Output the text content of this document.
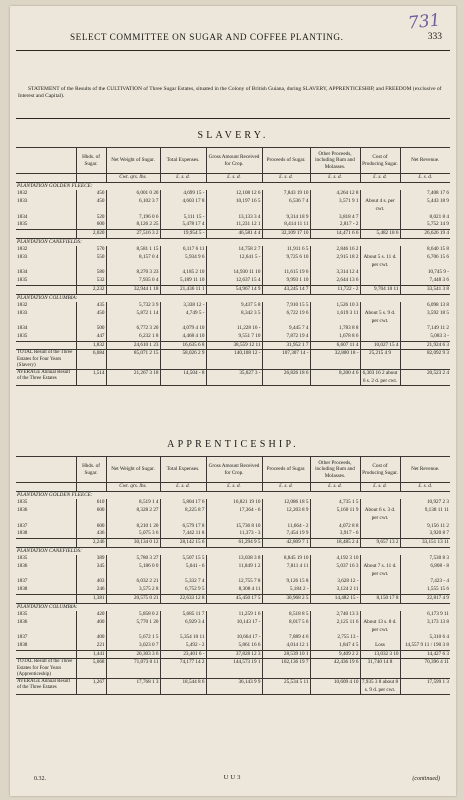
731
SELECT COMMITTEE ON SUGAR AND COFFEE PLANTING.	333
STATEMENT of the Results of the CULTIVATION of Three Sugar Estates, situated in the Colony of British Guiana, during SLAVERY, APPRENTICESHIP, and FREEDOM (exclusive of Interest and Capital).
SLAVERY.
	Hhds. of Sugar.	Net Weight of Sugar.	Total Expenses.	Gross Amount Received for Crop.	Proceeds of Sugar.	Other Proceeds, including Rum and Molasses.	Cost of Producing Sugar.	Net Revenue.
		Cwt. qrs. lbs.	£. s. d.	£. s. d.	£. s. d.	£. s. d.	£. s. d.	£. s. d.
PLANTATION GOLDEN FLEECE:								
1832	450	6,001 0 20	4,699 15 -	12,108 12 6	7,843 19 10	4,264 12 8		7,408 17 6
1833	450	6,102 3 7	4,603 17 8	10,197 16 5	6,536 7 4	3,571 9 1	About 4 s. per cwt.	5,443 18 9
1834	520	7,196 0 6	5,111 15 -	13,133 3 4	9,314 18 9	3,818 4 7		8,021 8 4
1835	600	8,126 2 25	5,478 17 4	11,231 12 1	8,414 11 11	2,817 - 2		5,752 14 9
	2,020	27,516 3 2	19,954 5 -	46,581 4 4	32,109 17 10	14,471 6 6	5,482 18 6	26,626 19 4
PLANTATION CANEFIELDS:								
1832	570	8,581 1 15	6,117 6 11	14,758 2 7	11,911 6 5	2,846 16 2		8,640 15 8
1833	550	8,157 0 4	5,934 9 6	12,641 5 -	9,725 6 10	2,915 18 2	About 5 s. 11 d. per cwt.	6,706 15 6
1834	580	8,270 3 23	4,185 2 10	14,930 11 10	11,615 19 6	3,314 12 4		10,745 9 -
1835	532	7,935 0 4	5,189 11 10	12,637 15 4	9,993 1 10	2,644 13 6		7,448 3 6
	2,232	32,944 1 18	21,436 11 1	54,967 14 9	43,245 14 7	11,722 - 2	9,704 10 11	33,541 3 8
PLANTATION COLUMBIA:								
1832	435	5,732 3 9	3,338 12 -	9,437 5 8	7,910 15 5	1,526 10 3		6,098 13 8
1833	450	5,872 1 14	4,749 5 -	8,342 3 5	6,722 19 6	1,619 3 11	About 5 s. 9 d. per cwt.	3,592 18 5
1834	500	6,772 3 20	4,079 4 10	11,228 16 -	9,445 7 4	1,783 8 8		7,149 11 2
1835	447	6,232 1 8	4,468 4 10	9,551 7 10	7,872 19 4	1,678 8 6		5,083 3 -
	1,832	24,610 1 23	16,635 6 8	38,559 12 11	31,952 1 7	6,607 11 4	10,027 15 4	21,924 6 3
TOTAL Result of the Three Estates for Four Years (Slavery)	6,084	85,071 2 15	58,026 2 9	140,108 12 -	107,307 14 -	32,800 18 -	25,215 4 9	82,092 9 3
AVERAGE Annual Result of the Three Estates	1,514	21,267 3 18	14,504 - 8	35,027 3 -	26,826 18 6	8,200 4 6	6,303 16 2 about 6 s. 2 d. per cwt.	20,523 2 4
APPRENTICESHIP.
	Hhds. of Sugar.	Net Weight of Sugar.	Total Expenses.	Gross Amount Received for Crop.	Proceeds of Sugar.	Other Proceeds, including Rum and Molasses.	Cost of Producing Sugar.	Net Revenue.
		Cwt. qrs. lbs.	£. s. d.	£. s. d.	£. s. d.	£. s. d.	£. s. d.	£. s. d.
PLANTATION GOLDEN FLEECE:								
1835	610	8,519 1 4	5,804 17 6	16,821 19 10	12,086 18 5	4,735 1 5		10,927 2 3
1836	600	8,328 2 27	8,225 8 7	17,364 - 6	12,203 8 9	5,160 11 9	About 6 s. 3 d. per cwt.	9,138 11 11
1837	600	8,210 1 20	6,579 17 8	15,736 8 10	11,664 - 2	4,072 8 8		9,156 11 2
1838	436	5,075 3 6	7,442 11 8	11,373 - 3	7,454 19 9	3,917 - 6		3,920 8 7
	2,246	30,134 0 12	28,142 15 6	61,294 9 5	42,809 7 1	18,485 2 4	9,657 13 2	33,151 13 11
PLANTATION CANEFIELDS:								
1835	389	5,780 3 27	5,507 15 5	13,038 3 8	8,845 19 10	4,192 3 10		7,530 8 3
1836	345	5,186 0 0	5,041 - 6	11,849 1 2	7,811 4 11	5,037 16 3	About 7 s. 11 d. per cwt.	6,808 - 8
1837	403	6,032 2 21	5,332 7 4	12,755 7 8	9,126 15 8	3,628 12 -		7,423 - 4
1838	246	3,575 2 8	6,752 9 5	8,308 4 11	5,184 2 -	3,124 2 11		1,555 15 6
	1,381	20,575 0 21	22,633 12 8	45,450 17 5	30,968 2 5	14,482 15 -	8,150 17 8	22,817 4 9
PLANTATION COLUMBIA:								
1835	420	5,858 0 2	5,685 11 7	11,259 1 6	8,518 8 5	2,740 13 3		6,173 9 11
1836	400	5,770 1 20	6,929 3 4	10,143 17 -	8,017 5 6	2,125 11 6	About 13 s. 8 d. per cwt.	3,173 13 8
1837	400	5,672 1 5	5,354 10 11	10,664 17 -	7,889 4 6	2,755 13 -		5,310 6 4
1838	221	3,023 0 7	5,492 - 2	5,861 16 6	4,014 12 1	1,847 4 5	Loss	14,557 9 11 / 190 3 8
	1,441	20,303 3 6	23,401 6 -	37,828 12 3	28,539 10 1	9,409 2 2	13,032 3 10	14,427 6 3
TOTAL Result of the Three Estates for Four Years (Apprenticeship)	5,068	71,073 0 11	74,177 14 2	144,573 19 1	102,136 19 7	42,436 19 6	31,740 14 8	70,396 4 11
AVERAGE Annual Result of the Three Estates	1,267	17,768 1 3	18,544 8 6	36,143 9 9	25,534 5 11	10,609 4 10	7,935 3 8 about 8 s. 9 d. per cwt.	17,599 1 3
0.32.	UU3	(continued)
